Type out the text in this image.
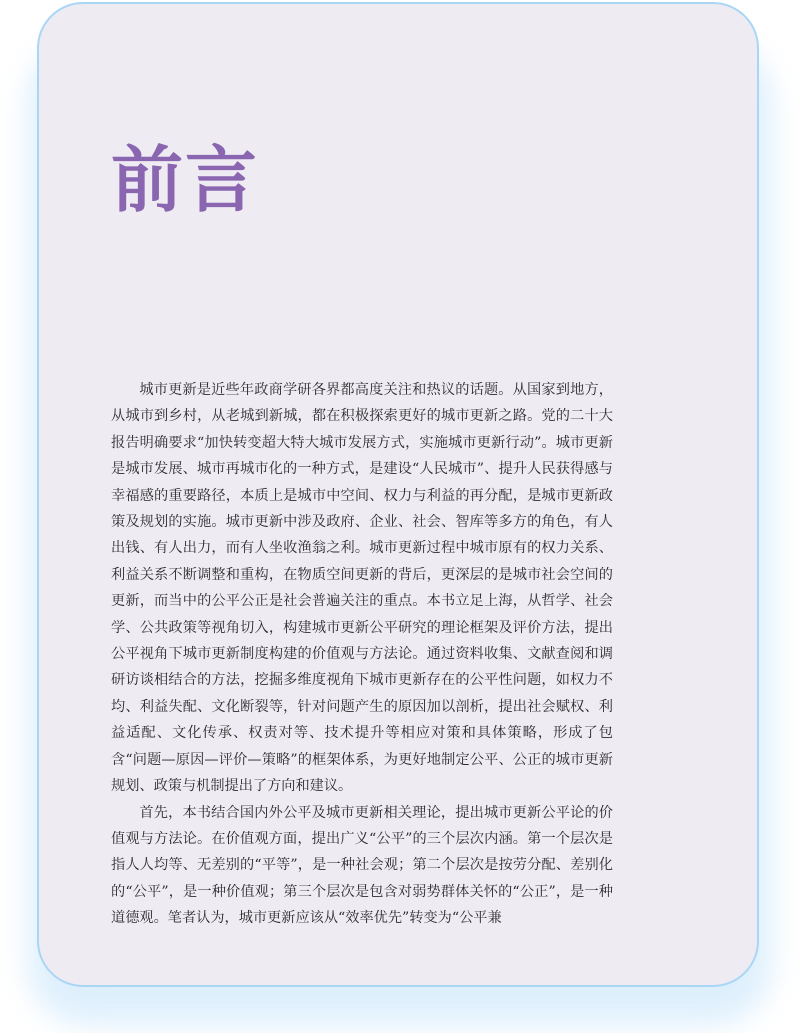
前言

城市更新是近些年政商学研各界都高度关注和热议的话题。从国家到地方，从城市到乡村，从老城到新城，都在积极探索更好的城市更新之路。党的二十大报告明确要求“加快转变超大特大城市发展方式，实施城市更新行动”。城市更新是城市发展、城市再城市化的一种方式，是建设“人民城市”、提升人民获得感与幸福感的重要路径，本质上是城市中空间、权力与利益的再分配，是城市更新政策及规划的实施。城市更新中涉及政府、企业、社会、智库等多方的角色，有人出钱、有人出力，而有人坐收渔翁之利。城市更新过程中城市原有的权力关系、利益关系不断调整和重构，在物质空间更新的背后，更深层的是城市社会空间的更新，而当中的公平公正是社会普遍关注的重点。本书立足上海，从哲学、社会学、公共政策等视角切入，构建城市更新公平研究的理论框架及评价方法，提出公平视角下城市更新制度构建的价值观与方法论。通过资料收集、文献查阅和调研访谈相结合的方法，挖掘多维度视角下城市更新存在的公平性问题，如权力不均、利益失配、文化断裂等，针对问题产生的原因加以剖析，提出社会赋权、利益适配、文化传承、权责对等、技术提升等相应对策和具体策略，形成了包含“问题—原因—评价—策略”的框架体系，为更好地制定公平、公正的城市更新规划、政策与机制提出了方向和建议。

首先，本书结合国内外公平及城市更新相关理论，提出城市更新公平论的价值观与方法论。在价值观方面，提出广义“公平”的三个层次内涵。第一个层次是指人人均等、无差别的“平等”，是一种社会观；第二个层次是按劳分配、差别化的“公平”，是一种价值观；第三个层次是包含对弱势群体关怀的“公正”，是一种道德观。笔者认为，城市更新应该从“效率优先”转变为“公平兼
